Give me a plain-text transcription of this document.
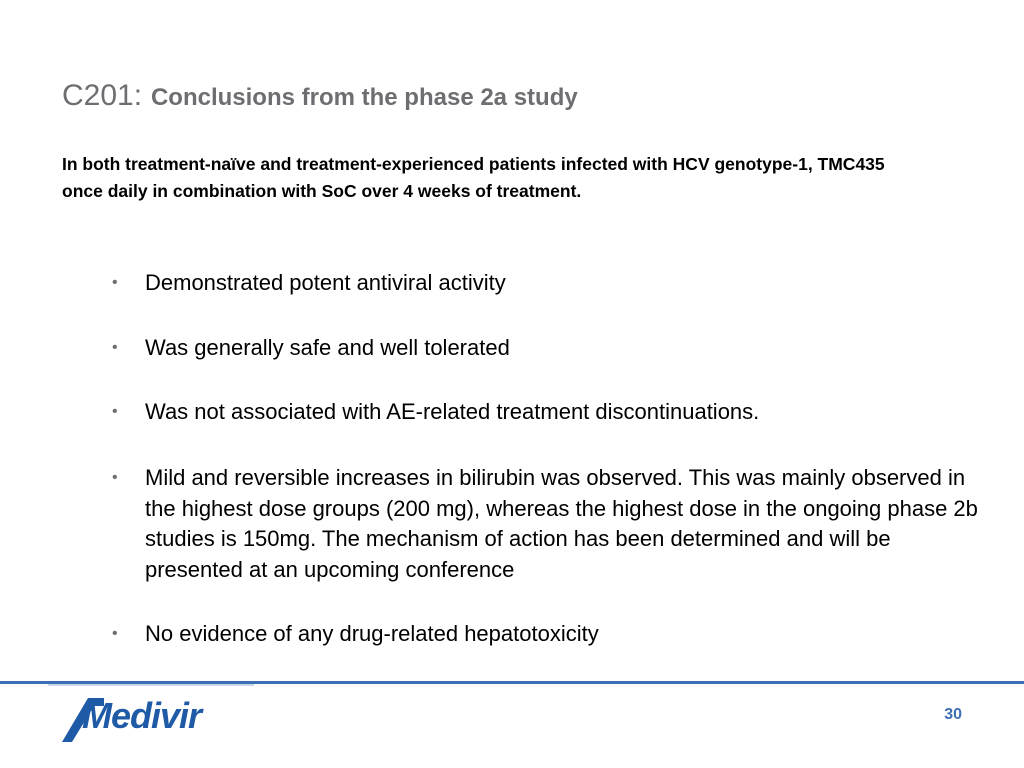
C201: Conclusions from the phase 2a study

In both treatment-naïve and treatment-experienced patients infected with HCV genotype-1, TMC435 once daily in combination with SoC over 4 weeks of treatment.

• Demonstrated potent antiviral activity
• Was generally safe and well tolerated
• Was not associated with AE-related treatment discontinuations.
• Mild and reversible increases in bilirubin was observed. This was mainly observed in the highest dose groups (200 mg), whereas the highest dose in the ongoing phase 2b studies is 150mg. The mechanism of action has been determined and will be presented at an upcoming conference
• No evidence of any drug-related hepatotoxicity
Medivir	30
